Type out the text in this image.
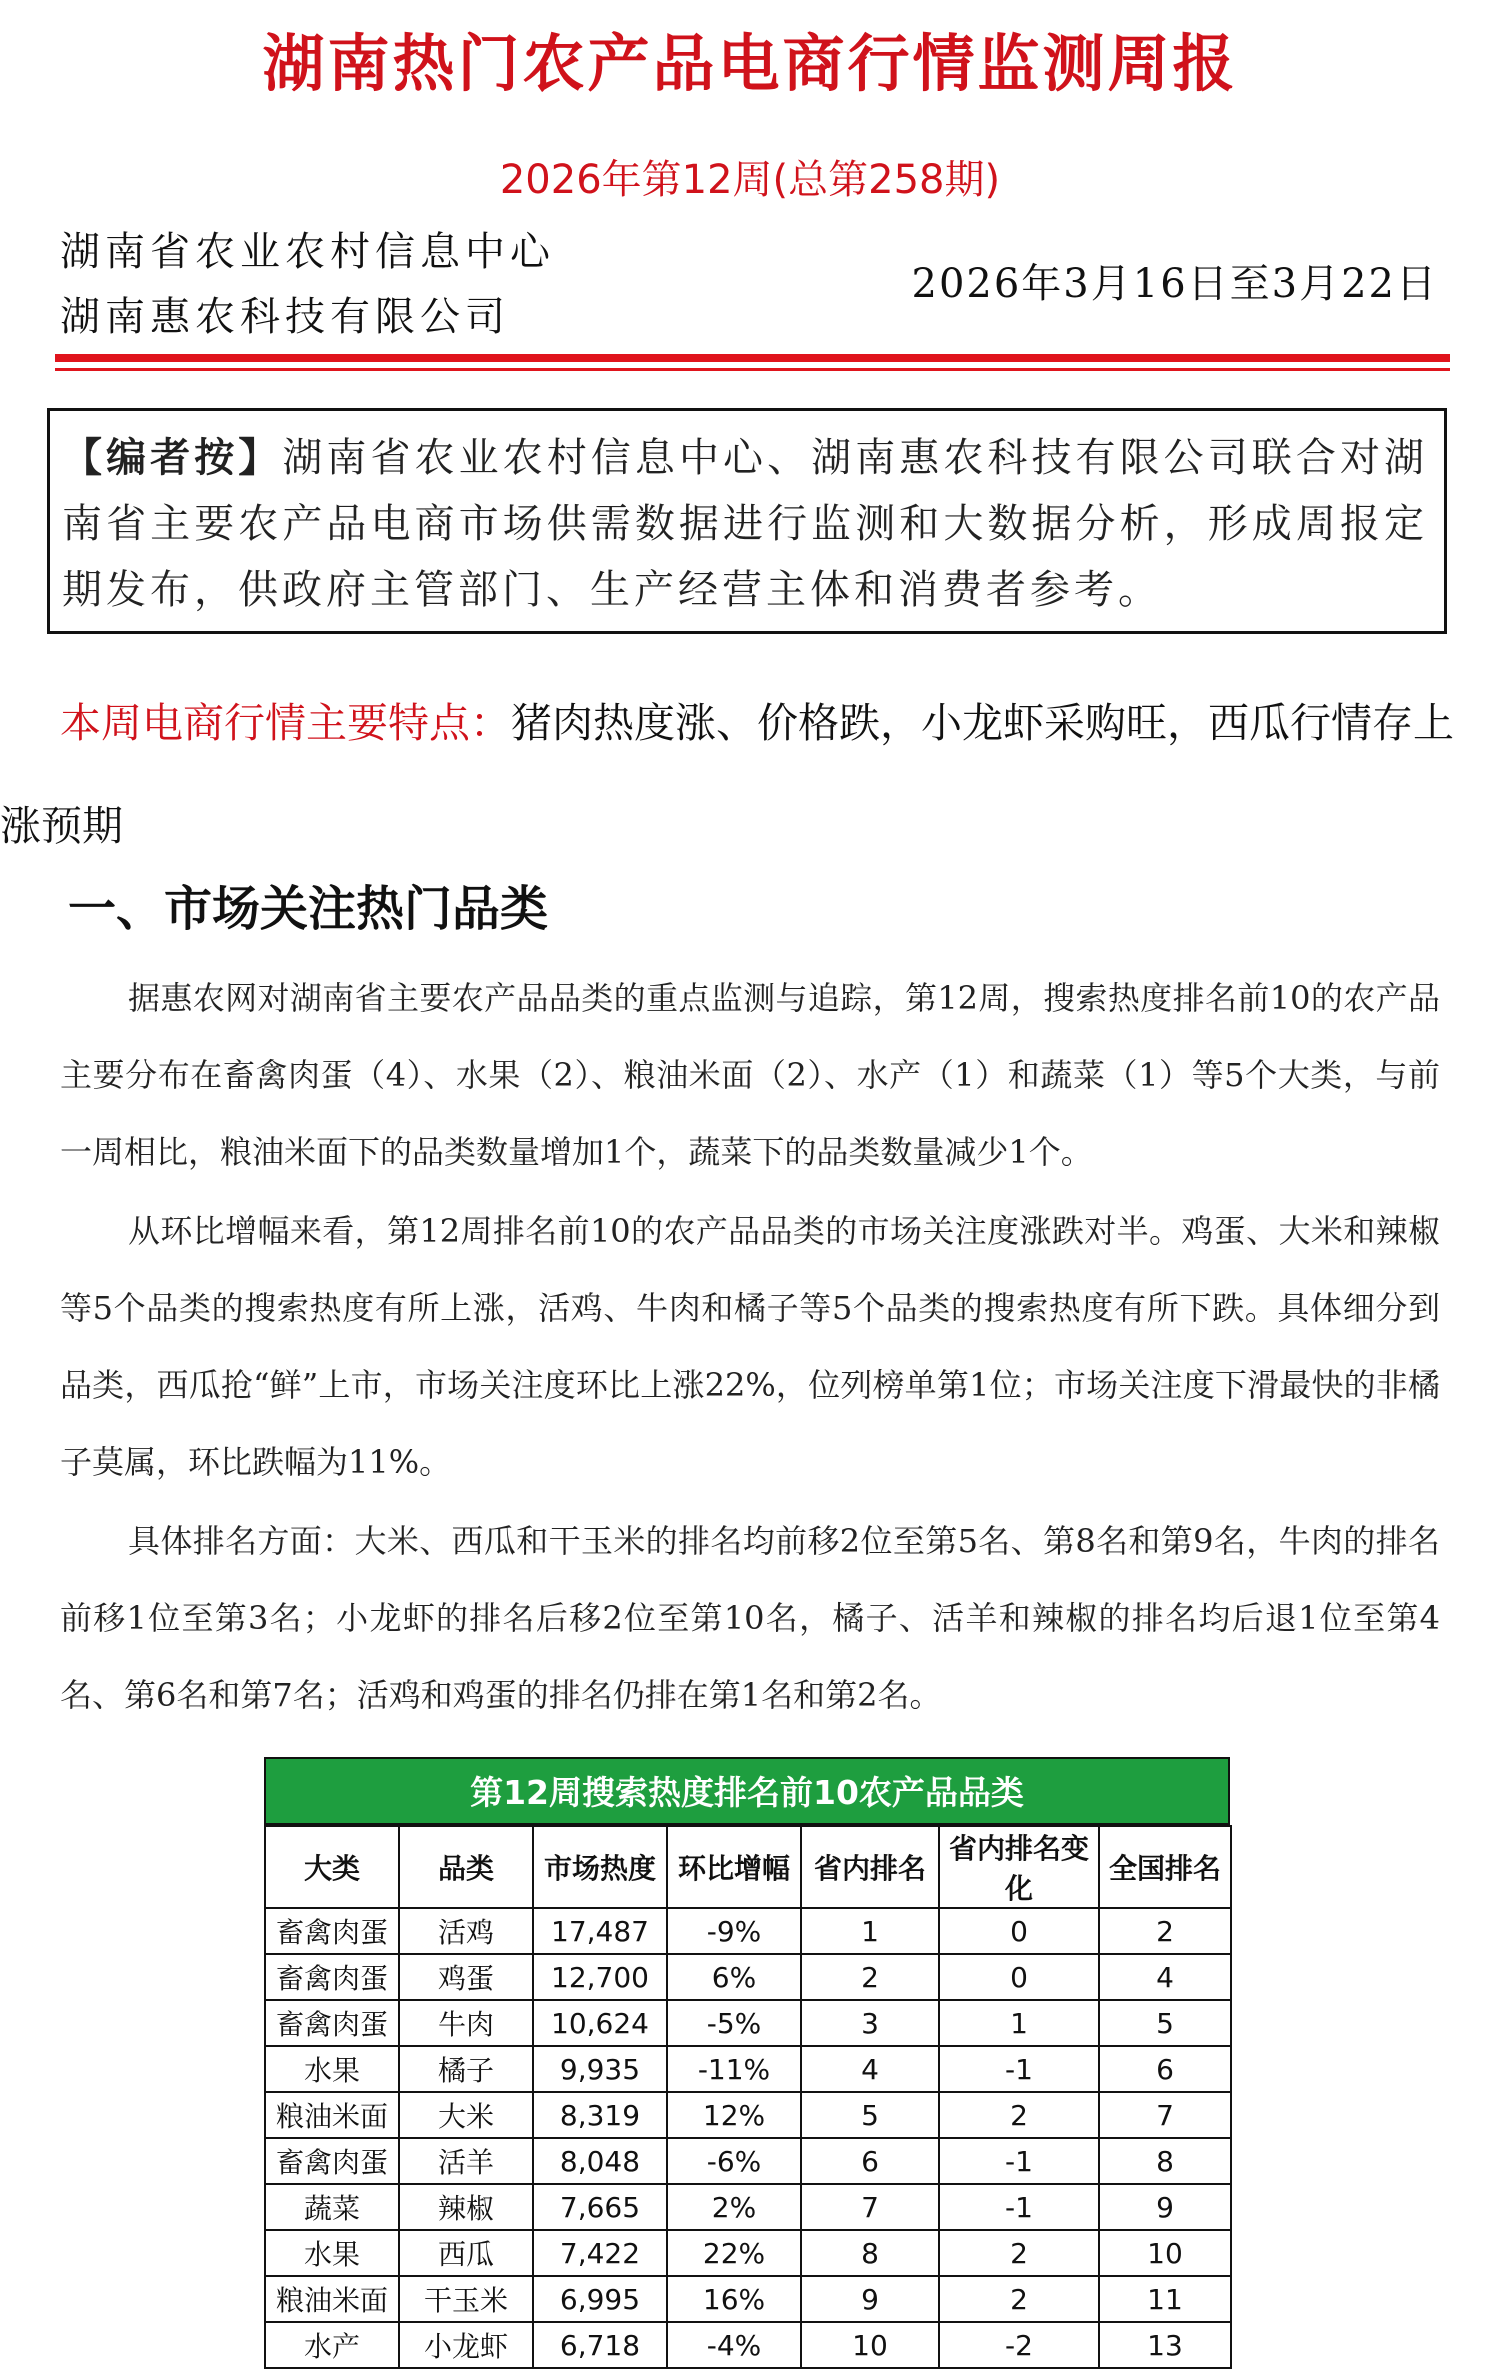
湖南热门农产品电商行情监测周报
2026年第12周(总第258期)
湖南省农业农村信息中心
湖南惠农科技有限公司
2026年3月16日至3月22日
【编者按】湖南省农业农村信息中心、湖南惠农科技有限公司联合对湖南省主要农产品电商市场供需数据进行监测和大数据分析，形成周报定期发布，供政府主管部门、生产经营主体和消费者参考。
本周电商行情主要特点：猪肉热度涨、价格跌，小龙虾采购旺，西瓜行情存上涨预期
一、市场关注热门品类
据惠农网对湖南省主要农产品品类的重点监测与追踪，第12周，搜索热度排名前10的农产品主要分布在畜禽肉蛋（4）、水果（2）、粮油米面（2）、水产（1）和蔬菜（1）等5个大类，与前一周相比，粮油米面下的品类数量增加1个，蔬菜下的品类数量减少1个。
从环比增幅来看，第12周排名前10的农产品品类的市场关注度涨跌对半。鸡蛋、大米和辣椒等5个品类的搜索热度有所上涨，活鸡、牛肉和橘子等5个品类的搜索热度有所下跌。具体细分到品类，西瓜抢“鲜”上市，市场关注度环比上涨22%，位列榜单第1位；市场关注度下滑最快的非橘子莫属，环比跌幅为11%。
具体排名方面：大米、西瓜和干玉米的排名均前移2位至第5名、第8名和第9名，牛肉的排名前移1位至第3名；小龙虾的排名后移2位至第10名，橘子、活羊和辣椒的排名均后退1位至第4名、第6名和第7名；活鸡和鸡蛋的排名仍排在第1名和第2名。
第12周搜索热度排名前10农产品品类
大类	品类	市场热度	环比增幅	省内排名	省内排名变化	全国排名
畜禽肉蛋	活鸡	17,487	-9%	1	0	2
畜禽肉蛋	鸡蛋	12,700	6%	2	0	4
畜禽肉蛋	牛肉	10,624	-5%	3	1	5
水果	橘子	9,935	-11%	4	-1	6
粮油米面	大米	8,319	12%	5	2	7
畜禽肉蛋	活羊	8,048	-6%	6	-1	8
蔬菜	辣椒	7,665	2%	7	-1	9
水果	西瓜	7,422	22%	8	2	10
粮油米面	干玉米	6,995	16%	9	2	11
水产	小龙虾	6,718	-4%	10	-2	13
